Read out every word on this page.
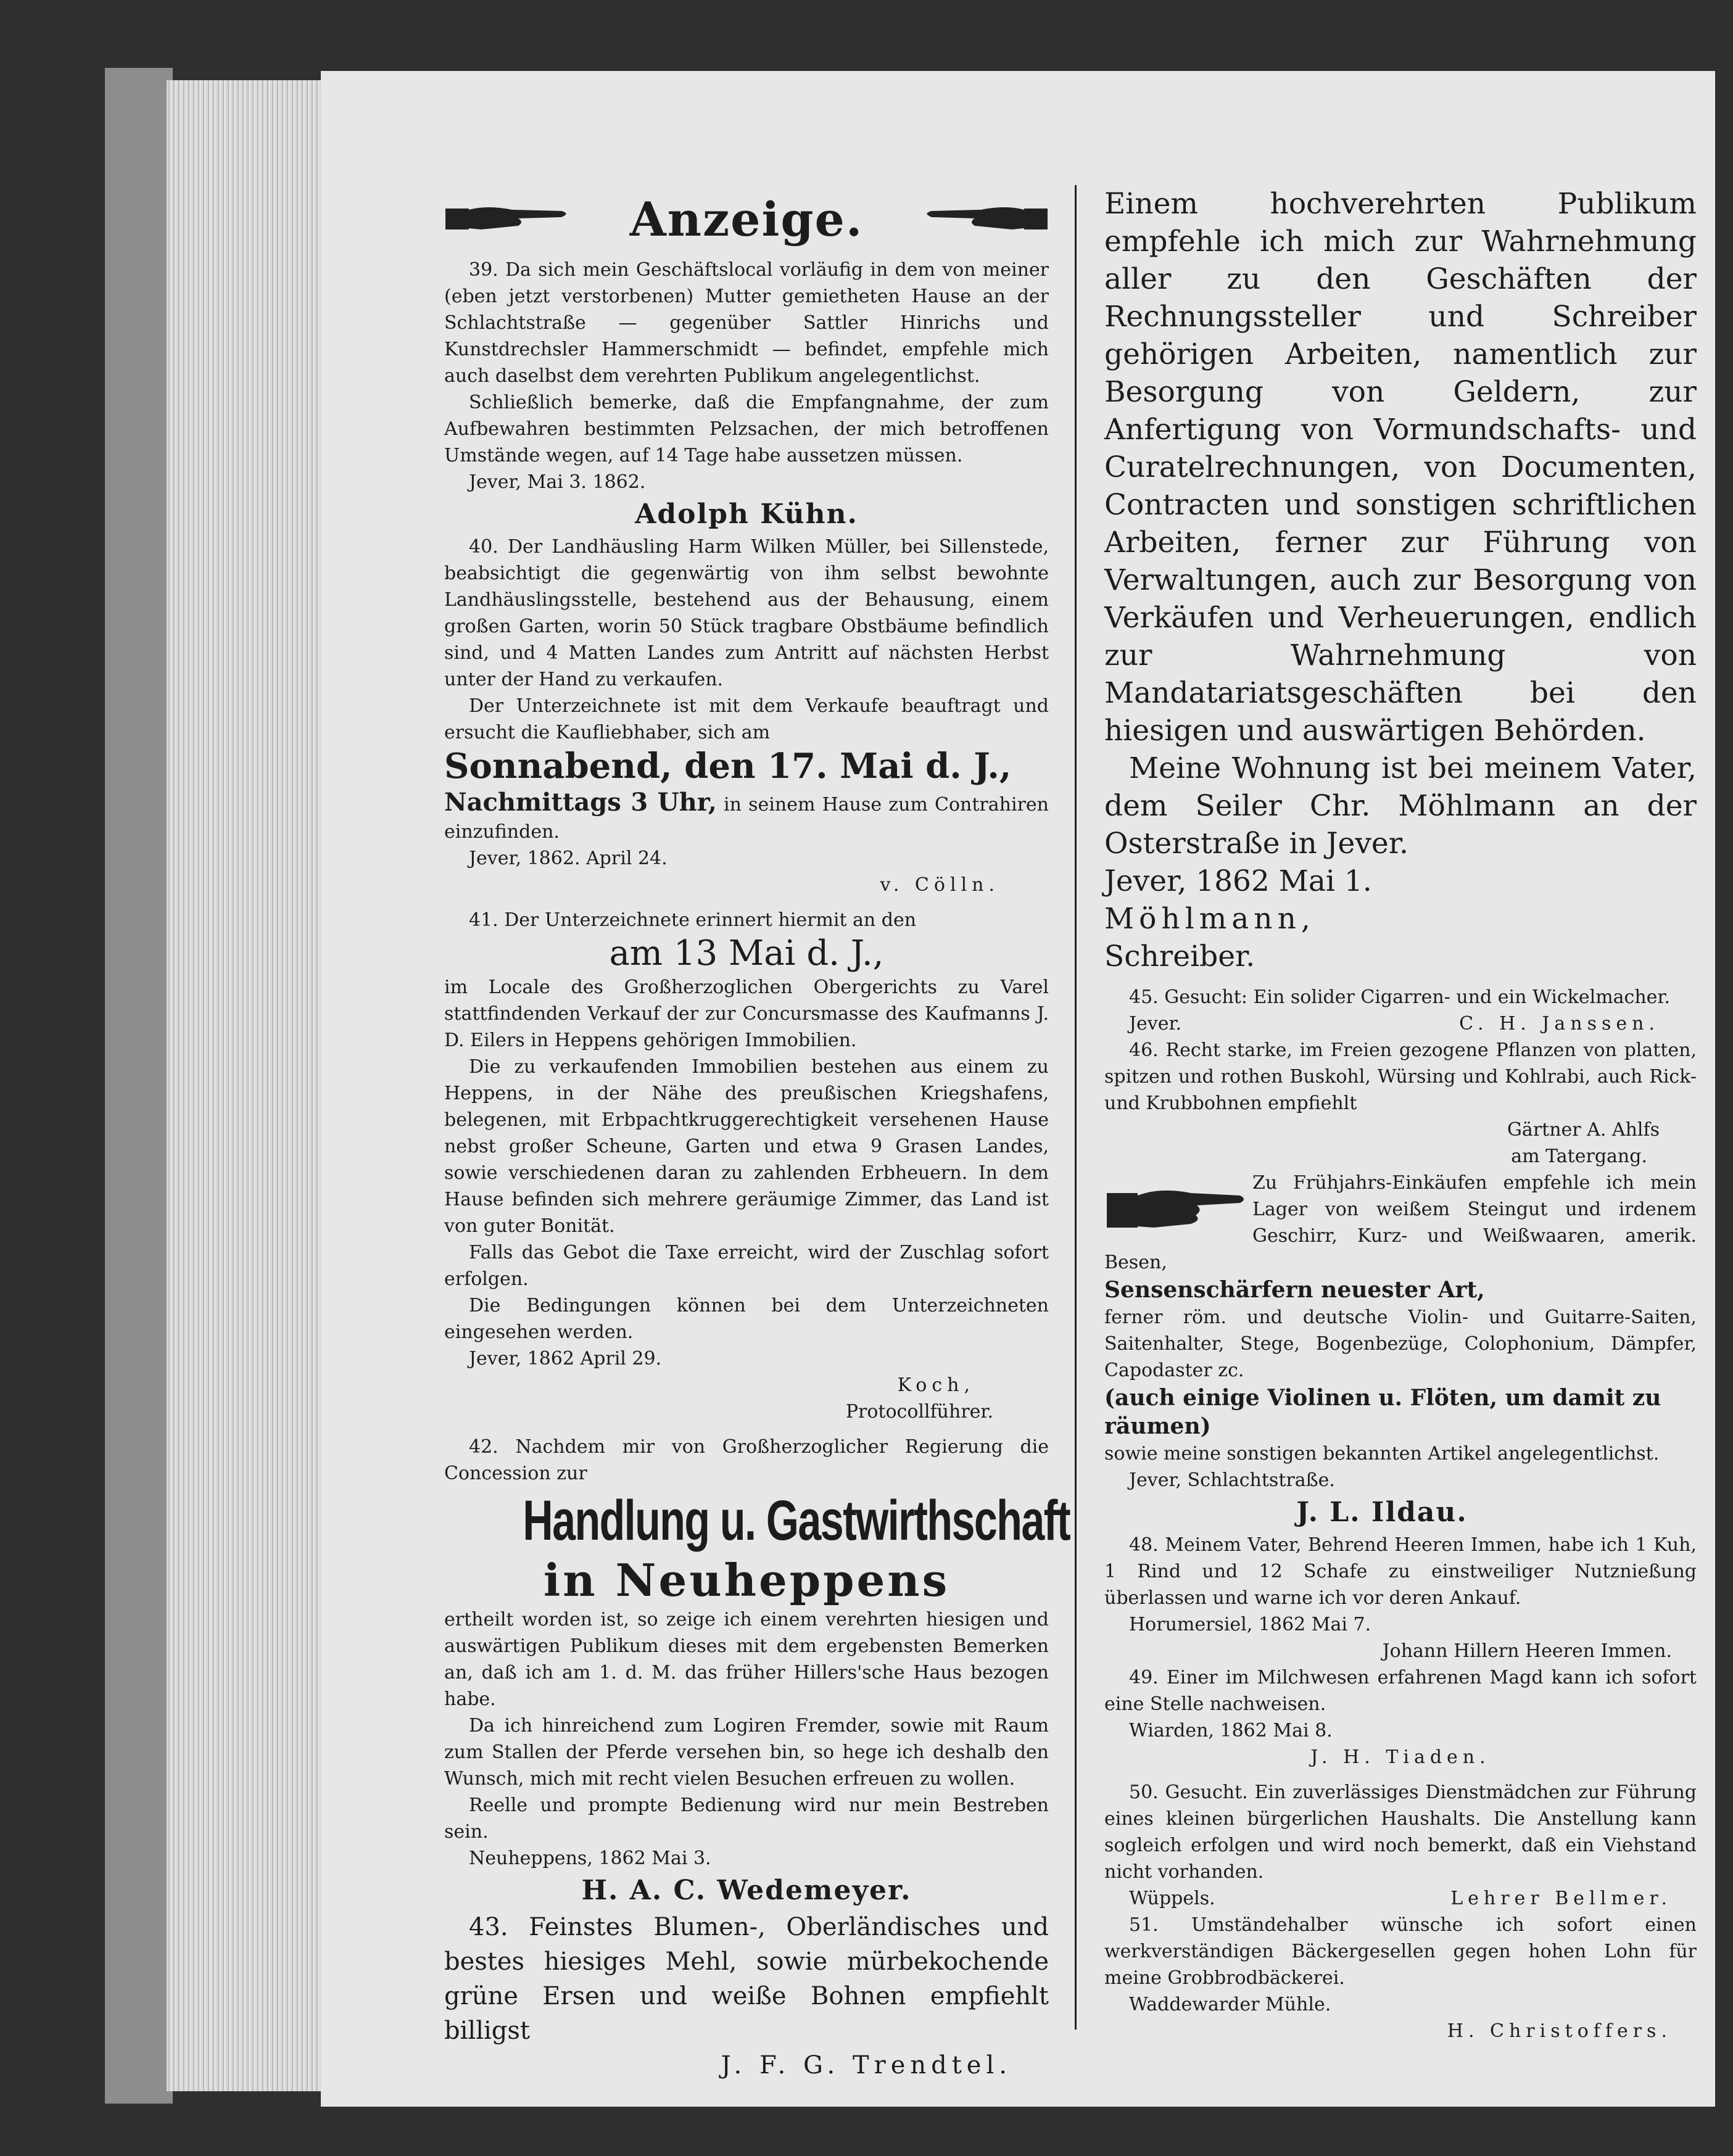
Anzeige.

39. Da sich mein Geschäftslocal vorläufig in dem von meiner (eben jetzt verstorbenen) Mutter gemietheten Hause an der Schlachtstraße — gegenüber Sattler Hinrichs und Kunstdrechsler Hammerschmidt — befindet, empfehle mich auch daselbst dem verehrten Publikum angelegentlichst.

Schließlich bemerke, daß die Empfangnahme, der zum Aufbewahren bestimmten Pelzsachen, der mich betroffenen Umstände wegen, auf 14 Tage habe aussetzen müssen.

Jever, Mai 3. 1862.

Adolph Kühn.

40. Der Landhäusling Harm Wilken Müller, bei Sillenstede, beabsichtigt die gegenwärtig von ihm selbst bewohnte Landhäuslingsstelle, bestehend aus der Behausung, einem großen Garten, worin 50 Stück tragbare Obstbäume befindlich sind, und 4 Matten Landes zum Antritt auf nächsten Herbst unter der Hand zu verkaufen.

Der Unterzeichnete ist mit dem Verkaufe beauftragt und ersucht die Kaufliebhaber, sich am

Sonnabend, den 17. Mai d. J.,

Nachmittags 3 Uhr, in seinem Hause zum Contrahiren einzufinden.

Jever, 1862. April 24.

v. Cölln.

41. Der Unterzeichnete erinnert hiermit an den

am 13 Mai d. J.,

im Locale des Großherzoglichen Obergerichts zu Varel stattfindenden Verkauf der zur Concursmasse des Kaufmanns J. D. Eilers in Heppens gehörigen Immobilien.

Die zu verkaufenden Immobilien bestehen aus einem zu Heppens, in der Nähe des preußischen Kriegshafens, belegenen, mit Erbpachtkruggerechtigkeit versehenen Hause nebst großer Scheune, Garten und etwa 9 Grasen Landes, sowie verschiedenen daran zu zahlenden Erbheuern. In dem Hause befinden sich mehrere geräumige Zimmer, das Land ist von guter Bonität.

Falls das Gebot die Taxe erreicht, wird der Zuschlag sofort erfolgen.

Die Bedingungen können bei dem Unterzeichneten eingesehen werden.

Jever, 1862 April 29.

Koch,

Protocollführer.

42. Nachdem mir von Großherzoglicher Regierung die Concession zur

Handlung u. Gastwirthschaft

in Neuheppens

ertheilt worden ist, so zeige ich einem verehrten hiesigen und auswärtigen Publikum dieses mit dem ergebensten Bemerken an, daß ich am 1. d. M. das früher Hillers'sche Haus bezogen habe.

Da ich hinreichend zum Logiren Fremder, sowie mit Raum zum Stallen der Pferde versehen bin, so hege ich deshalb den Wunsch, mich mit recht vielen Besuchen erfreuen zu wollen.

Reelle und prompte Bedienung wird nur mein Bestreben sein.

Neuheppens, 1862 Mai 3.

H. A. C. Wedemeyer.

43. Feinstes Blumen-, Oberländisches und bestes hiesiges Mehl, sowie mürbekochende grüne Ersen und weiße Bohnen empfiehlt billigst

J. F. G. Trendtel.

Einem hochverehrten Publikum empfehle ich mich zur Wahrnehmung aller zu den Geschäften der Rechnungssteller und Schreiber gehörigen Arbeiten, namentlich zur Besorgung von Geldern, zur Anfertigung von Vormundschafts- und Curatelrechnungen, von Documenten, Contracten und sonstigen schriftlichen Arbeiten, ferner zur Führung von Verwaltungen, auch zur Besorgung von Verkäufen und Verheuerungen, endlich zur Wahrnehmung von Mandatariatsgeschäften bei den hiesigen und auswärtigen Behörden.

Meine Wohnung ist bei meinem Vater, dem Seiler Chr. Möhlmann an der Osterstraße in Jever.

Jever, 1862 Mai 1.

Möhlmann,

Schreiber.

45. Gesucht: Ein solider Cigarren- und ein Wickelmacher.

Jever.	C. H. Janssen.

46. Recht starke, im Freien gezogene Pflanzen von platten, spitzen und rothen Buskohl, Würsing und Kohlrabi, auch Rick- und Krubbohnen empfiehlt

Gärtner A. Ahlfs

am Tatergang.

Zu Frühjahrs-Einkäufen empfehle ich mein Lager von weißem Steingut und irdenem Geschirr, Kurz- und Weißwaaren, amerik. Besen,

Sensenschärfern neuester Art,

ferner röm. und deutsche Violin- und Guitarre-Saiten, Saitenhalter, Stege, Bogenbezüge, Colophonium, Dämpfer, Capodaster zc.

(auch einige Violinen u. Flöten, um damit zu räumen)

sowie meine sonstigen bekannten Artikel angelegentlichst.

Jever, Schlachtstraße.

J. L. Ildau.

48. Meinem Vater, Behrend Heeren Immen, habe ich 1 Kuh, 1 Rind und 12 Schafe zu einstweiliger Nutznießung überlassen und warne ich vor deren Ankauf.

Horumersiel, 1862 Mai 7.

Johann Hillern Heeren Immen.

49. Einer im Milchwesen erfahrenen Magd kann ich sofort eine Stelle nachweisen.

Wiarden, 1862 Mai 8.

J. H. Tiaden.

50. Gesucht. Ein zuverlässiges Dienstmädchen zur Führung eines kleinen bürgerlichen Haushalts. Die Anstellung kann sogleich erfolgen und wird noch bemerkt, daß ein Viehstand nicht vorhanden.

Wüppels.	Lehrer Bellmer.

51. Umständehalber wünsche ich sofort einen werkverständigen Bäckergesellen gegen hohen Lohn für meine Grobbrodbäckerei.

Waddewarder Mühle.

H. Christoffers.
